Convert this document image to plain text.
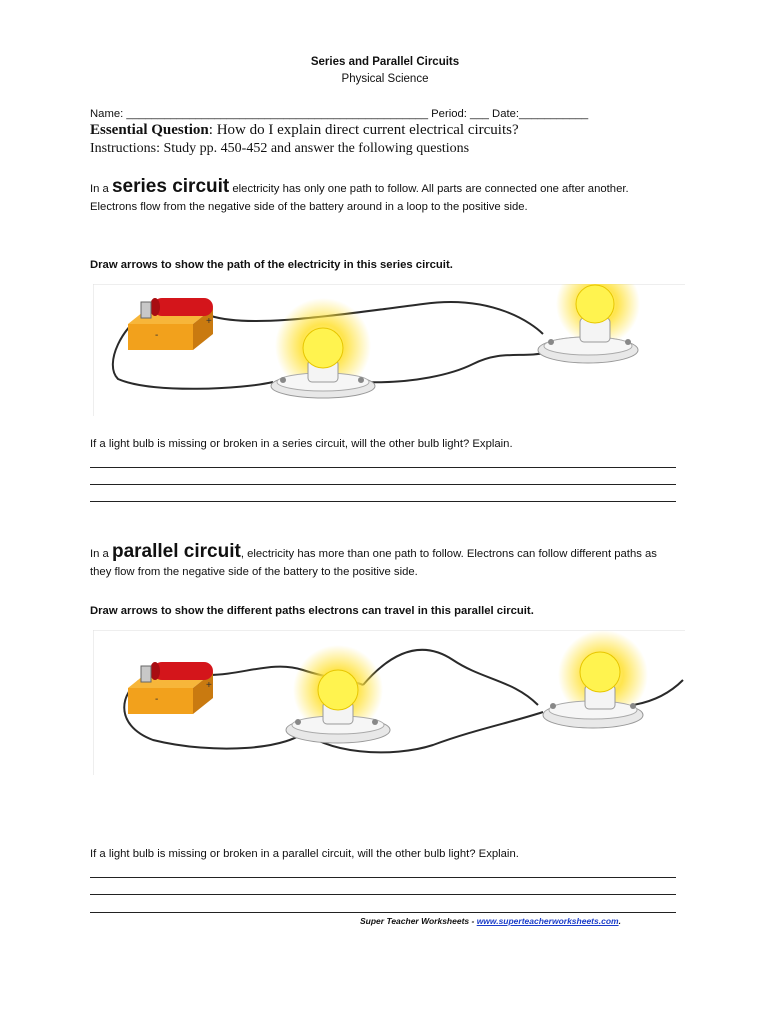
Series and Parallel Circuits
Physical Science
Name: ________________________________________________ Period: ___ Date:___________
Essential Question: How do I explain direct current electrical circuits?
Instructions: Study pp. 450-452 and answer the following questions
In a series circuit electricity has only one path to follow. All parts are connected one after another. Electrons flow from the negative side of the battery around in a loop to the positive side.
Draw arrows to show the path of the electricity in this series circuit.
-
+
If a light bulb is missing or broken in a series circuit, will the other bulb light? Explain.
In a parallel circuit, electricity has more than one path to follow. Electrons can follow different paths as they flow from the negative side of the battery to the positive side.
Draw arrows to show the different paths electrons can travel in this parallel circuit.
-
+
If a light bulb is missing or broken in a parallel circuit, will the other bulb light? Explain.
Super Teacher Worksheets - www.superteacherworksheets.com.
